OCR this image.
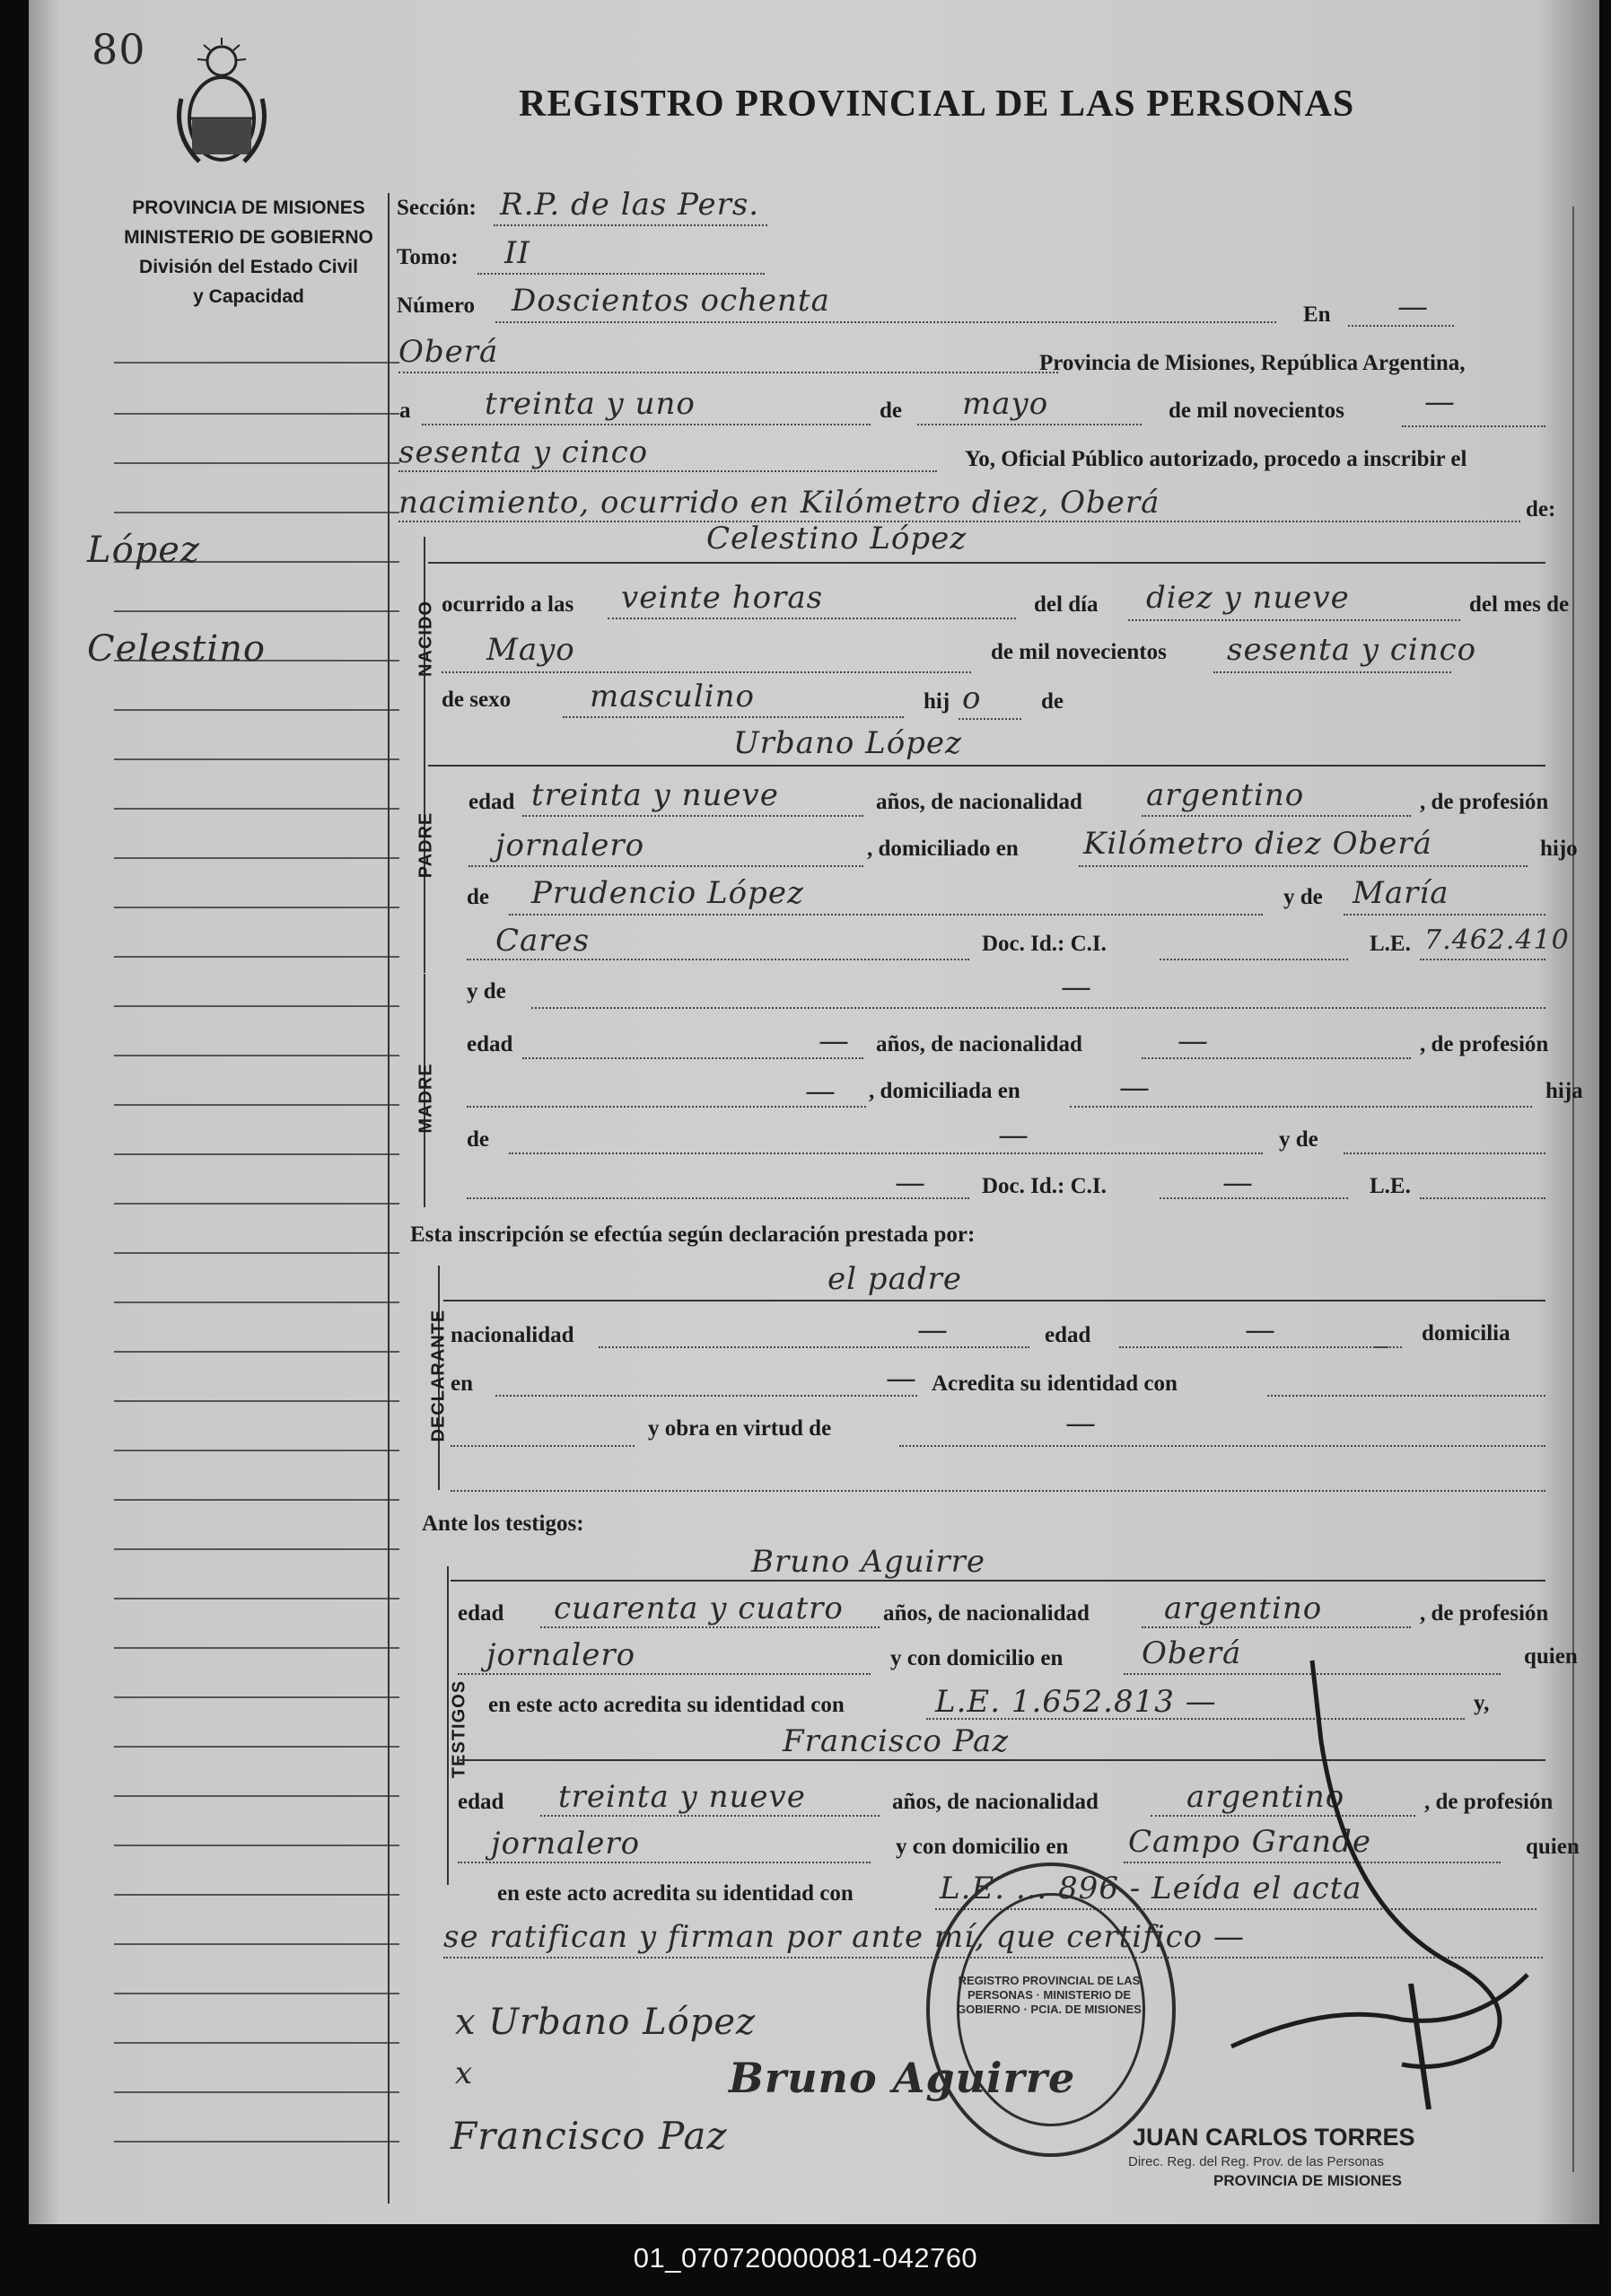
80
REGISTRO PROVINCIAL DE LAS PERSONAS
PROVINCIA DE MISIONES
MINISTERIO DE GOBIERNO
División del Estado Civil
y Capacidad
López
Celestino	NACIDO
PADRE
MADRE
DECLARANTE
TESTIGOS
Sección: R.P. de las Pers.
Tomo: II
Número Doscientos ochenta	En —
Oberá	Provincia de Misiones, República Argentina,
a treinta y uno	de mayo	de mil novecientos	—
sesenta y cinco	Yo, Oficial Público autorizado, procedo a inscribir el
nacimiento, ocurrido en Kilómetro diez, Oberá	de:
Celestino López
ocurrido a las veinte horas	del día diez y nueve	del mes de
Mayo	de mil novecientos sesenta y cinco
de sexo	masculino	hij o	de
Urbano López
edad treinta y nueve	años, de nacionalidad argentino	, de profesión
jornalero	, domiciliado en Kilómetro diez Oberá	hijo
de Prudencio López	y de María
Cares	Doc. Id.: C.I.	L.E. 7.462.410
y de	—
edad	— años, de nacionalidad	—	, de profesión
— , domiciliada en	—	hija
de	—	y de
— Doc. Id.: C.I.	—	L.E.
Esta inscripción se efectúa según declaración prestada por:
el padre
nacionalidad	—	edad	—	domicilia
en	— Acredita su identidad con
y obra en virtud de	—
Ante los testigos:
Bruno Aguirre
edad cuarenta y cuatro años, de nacionalidad argentino	, de profesión
jornalero	y con domicilio en	Oberá	quien
en este acto acredita su identidad con	L.E. 1.652.813 —	y,
Francisco Paz
edad treinta y nueve	años, de nacionalidad	argentino	, de profesión
jornalero	y con domicilio en Campo Grande	quien
en este acto acredita su identidad con	L.E. ... 896 - Leída el acta
se ratifican y firman por ante mí, que certifico —
x Urbano López
x	Bruno Aguirre
Francisco Paz
REGISTRO PROVINCIAL DE LAS PERSONAS · MINISTERIO DE GOBIERNO · PCIA. DE MISIONES
JUAN CARLOS TORRES
Direc. Reg. del Reg. Prov. de las Personas
PROVINCIA DE MISIONES
01_070720000081-042760
